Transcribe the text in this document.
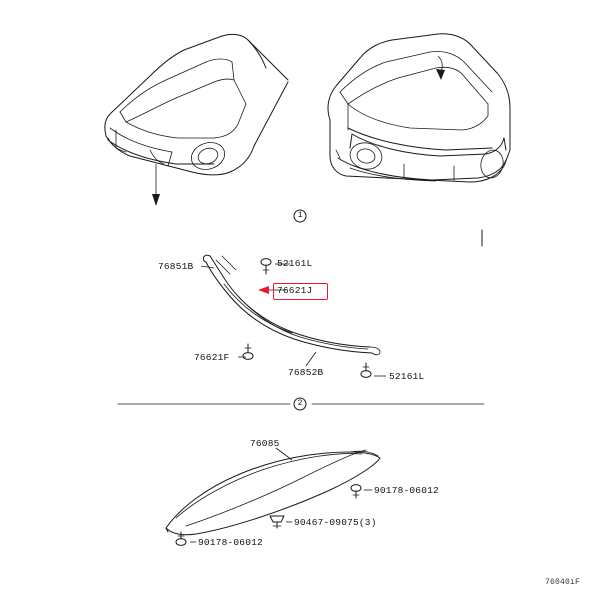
76851B	52161L
76621J
76621F
76852B	52161L
76085
90178-06012
90467-09075(3)
90178-06012
1
2
76040ıF
